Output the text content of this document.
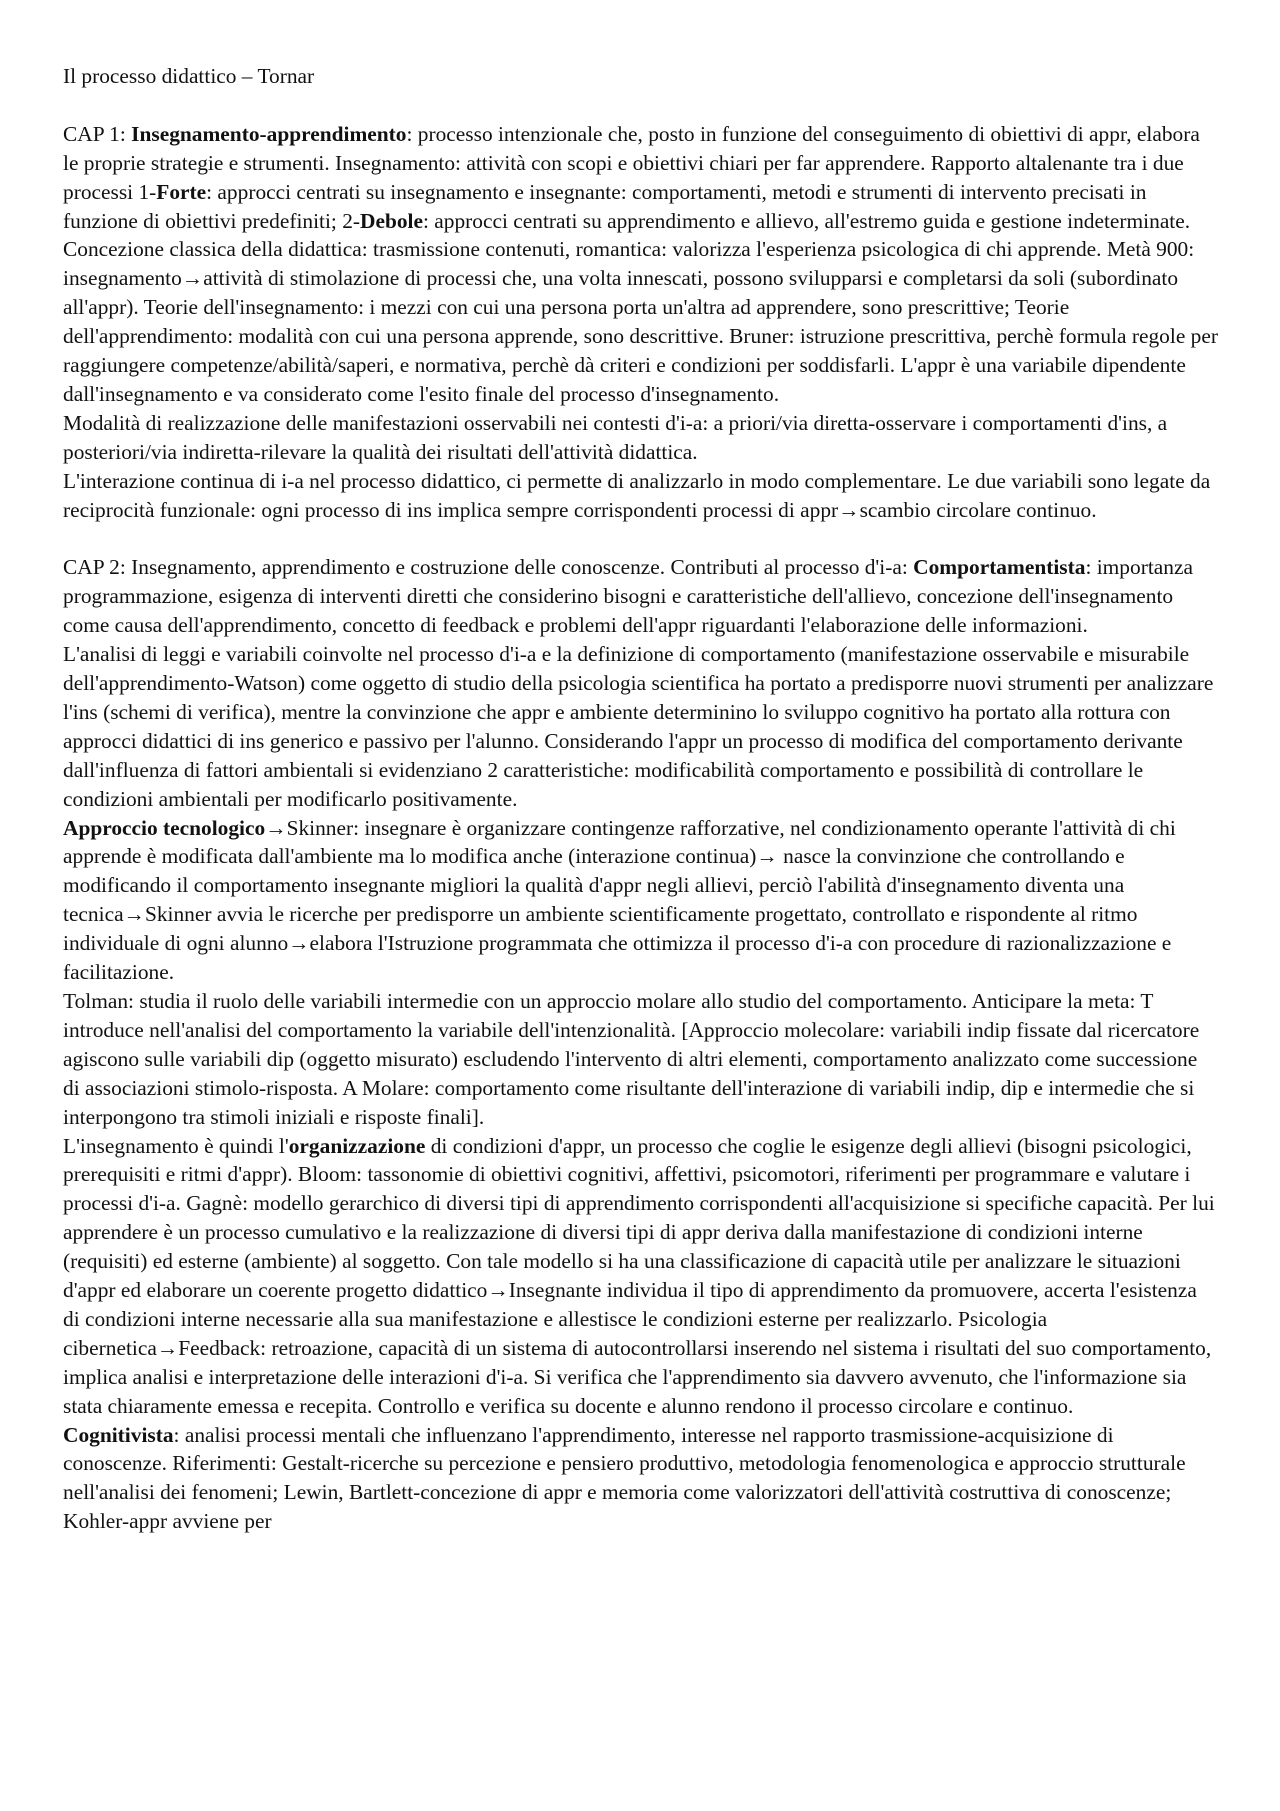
Il processo didattico – Tornar

CAP 1: Insegnamento-apprendimento: processo intenzionale che, posto in funzione del conseguimento di obiettivi di appr, elabora le proprie strategie e strumenti. Insegnamento: attività con scopi e obiettivi chiari per far apprendere. Rapporto altalenante tra i due processi 1-Forte: approcci centrati su insegnamento e insegnante: comportamenti, metodi e strumenti di intervento precisati in funzione di obiettivi predefiniti; 2-Debole: approcci centrati su apprendimento e allievo, all'estremo guida e gestione indeterminate. Concezione classica della didattica: trasmissione contenuti, romantica: valorizza l'esperienza psicologica di chi apprende. Metà 900: insegnamento→attività di stimolazione di processi che, una volta innescati, possono svilupparsi e completarsi da soli (subordinato all'appr). Teorie dell'insegnamento: i mezzi con cui una persona porta un'altra ad apprendere, sono prescrittive; Teorie dell'apprendimento: modalità con cui una persona apprende, sono descrittive. Bruner: istruzione prescrittiva, perchè formula regole per raggiungere competenze/abilità/saperi, e normativa, perchè dà criteri e condizioni per soddisfarli. L'appr è una variabile dipendente dall'insegnamento e va considerato come l'esito finale del processo d'insegnamento.

Modalità di realizzazione delle manifestazioni osservabili nei contesti d'i-a: a priori/via diretta-osservare i comportamenti d'ins, a posteriori/via indiretta-rilevare la qualità dei risultati dell'attività didattica.

L'interazione continua di i-a nel processo didattico, ci permette di analizzarlo in modo complementare. Le due variabili sono legate da reciprocità funzionale: ogni processo di ins implica sempre corrispondenti processi di appr→scambio circolare continuo.

CAP 2: Insegnamento, apprendimento e costruzione delle conoscenze. Contributi al processo d'i-a: Comportamentista: importanza programmazione, esigenza di interventi diretti che considerino bisogni e caratteristiche dell'allievo, concezione dell'insegnamento come causa dell'apprendimento, concetto di feedback e problemi dell'appr riguardanti l'elaborazione delle informazioni.

L'analisi di leggi e variabili coinvolte nel processo d'i-a e la definizione di comportamento (manifestazione osservabile e misurabile dell'apprendimento-Watson) come oggetto di studio della psicologia scientifica ha portato a predisporre nuovi strumenti per analizzare l'ins (schemi di verifica), mentre la convinzione che appr e ambiente determinino lo sviluppo cognitivo ha portato alla rottura con approcci didattici di ins generico e passivo per l'alunno. Considerando l'appr un processo di modifica del comportamento derivante dall'influenza di fattori ambientali si evidenziano 2 caratteristiche: modificabilità comportamento e possibilità di controllare le condizioni ambientali per modificarlo positivamente.

Approccio tecnologico→Skinner: insegnare è organizzare contingenze rafforzative, nel condizionamento operante l'attività di chi apprende è modificata dall'ambiente ma lo modifica anche (interazione continua)→ nasce la convinzione che controllando e modificando il comportamento insegnante migliori la qualità d'appr negli allievi, perciò l'abilità d'insegnamento diventa una tecnica→Skinner avvia le ricerche per predisporre un ambiente scientificamente progettato, controllato e rispondente al ritmo individuale di ogni alunno→elabora l'Istruzione programmata che ottimizza il processo d'i-a con procedure di razionalizzazione e facilitazione.

Tolman: studia il ruolo delle variabili intermedie con un approccio molare allo studio del comportamento. Anticipare la meta: T introduce nell'analisi del comportamento la variabile dell'intenzionalità. [Approccio molecolare: variabili indip fissate dal ricercatore agiscono sulle variabili dip (oggetto misurato) escludendo l'intervento di altri elementi, comportamento analizzato come successione di associazioni stimolo-risposta. A Molare: comportamento come risultante dell'interazione di variabili indip, dip e intermedie che si interpongono tra stimoli iniziali e risposte finali].

L'insegnamento è quindi l'organizzazione di condizioni d'appr, un processo che coglie le esigenze degli allievi (bisogni psicologici, prerequisiti e ritmi d'appr). Bloom: tassonomie di obiettivi cognitivi, affettivi, psicomotori, riferimenti per programmare e valutare i processi d'i-a. Gagnè: modello gerarchico di diversi tipi di apprendimento corrispondenti all'acquisizione si specifiche capacità. Per lui apprendere è un processo cumulativo e la realizzazione di diversi tipi di appr deriva dalla manifestazione di condizioni interne (requisiti) ed esterne (ambiente) al soggetto. Con tale modello si ha una classificazione di capacità utile per analizzare le situazioni d'appr ed elaborare un coerente progetto didattico→Insegnante individua il tipo di apprendimento da promuovere, accerta l'esistenza di condizioni interne necessarie alla sua manifestazione e allestisce le condizioni esterne per realizzarlo. Psicologia cibernetica→Feedback: retroazione, capacità di un sistema di autocontrollarsi inserendo nel sistema i risultati del suo comportamento, implica analisi e interpretazione delle interazioni d'i-a. Si verifica che l'apprendimento sia davvero avvenuto, che l'informazione sia stata chiaramente emessa e recepita. Controllo e verifica su docente e alunno rendono il processo circolare e continuo.

Cognitivista: analisi processi mentali che influenzano l'apprendimento, interesse nel rapporto trasmissione-acquisizione di conoscenze. Riferimenti: Gestalt-ricerche su percezione e pensiero produttivo, metodologia fenomenologica e approccio strutturale nell'analisi dei fenomeni; Lewin, Bartlett-concezione di appr e memoria come valorizzatori dell'attività costruttiva di conoscenze; Kohler-appr avviene per
